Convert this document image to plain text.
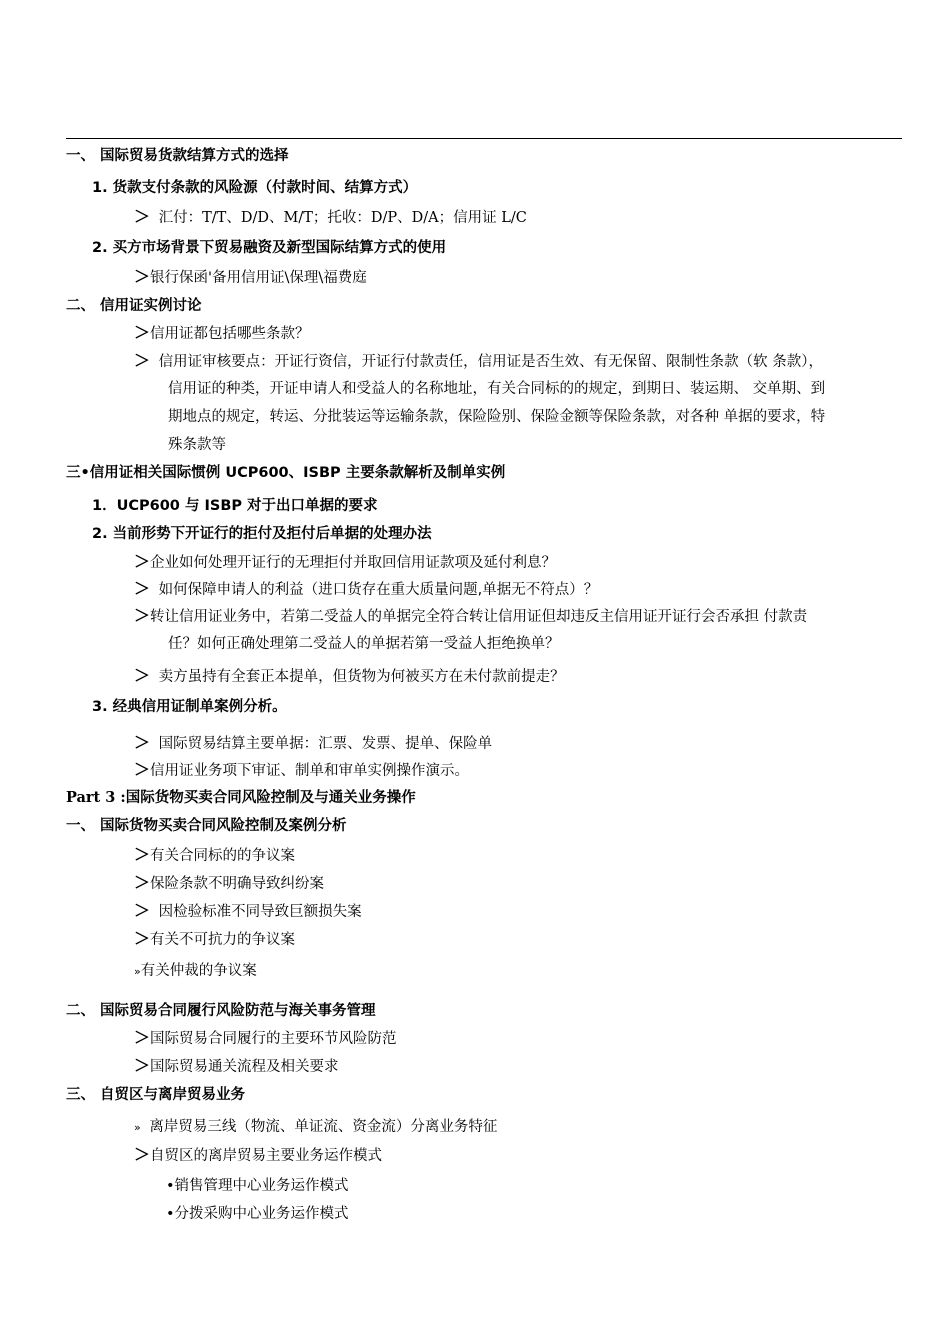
一、 国际贸易货款结算方式的选择
1. 货款支付条款的风险源（付款时间、结算方式）
＞ 汇付：T/T、D/D、M/T；托收：D/P、D/A；信用证 L/C
2. 买方市场背景下贸易融资及新型国际结算方式的使用
＞银行保函'备用信用证\保理\福费庭
二、 信用证实例讨论
＞信用证都包括哪些条款？
＞ 信用证审核要点：开证行资信，开证行付款责任，信用证是否生效、有无保留、限制性条款（软 条款），
信用证的种类，开证申请人和受益人的名称地址，有关合同标的的规定，到期日、装运期、 交单期、到
期地点的规定，转运、分批装运等运输条款，保险险别、保险金额等保险条款，对各种 单据的要求，特
殊条款等
三•信用证相关国际惯例 UCP600、ISBP 主要条款解析及制单实例
1．UCP600 与 ISBP 对于出口单据的要求
2. 当前形势下开证行的拒付及拒付后单据的处理办法
＞企业如何处理开证行的无理拒付并取回信用证款项及延付利息？
＞ 如何保障申请人的利益（进口货存在重大质量问题,单据无不符点）？
＞转让信用证业务中，若第二受益人的单据完全符合转让信用证但却违反主信用证开证行会否承担 付款责
任？如何正确处理第二受益人的单据若第一受益人拒绝换单？
＞ 卖方虽持有全套正本提单，但货物为何被买方在未付款前提走？
3. 经典信用证制单案例分析。
＞ 国际贸易结算主要单据：汇票、发票、提单、保险单
＞信用证业务项下审证、制单和审单实例操作演示。
Part 3 :国际货物买卖合同风险控制及与通关业务操作
一、 国际货物买卖合同风险控制及案例分析
＞有关合同标的的争议案
＞保险条款不明确导致纠纷案
＞ 因检验标准不同导致巨额损失案
＞有关不可抗力的争议案
»有关仲裁的争议案
二、 国际贸易合同履行风险防范与海关事务管理
＞国际贸易合同履行的主要环节风险防范
＞国际贸易通关流程及相关要求
三、 自贸区与离岸贸易业务
» 离岸贸易三线（物流、单证流、资金流）分离业务特征
＞自贸区的离岸贸易主要业务运作模式
•销售管理中心业务运作模式
•分拨采购中心业务运作模式
